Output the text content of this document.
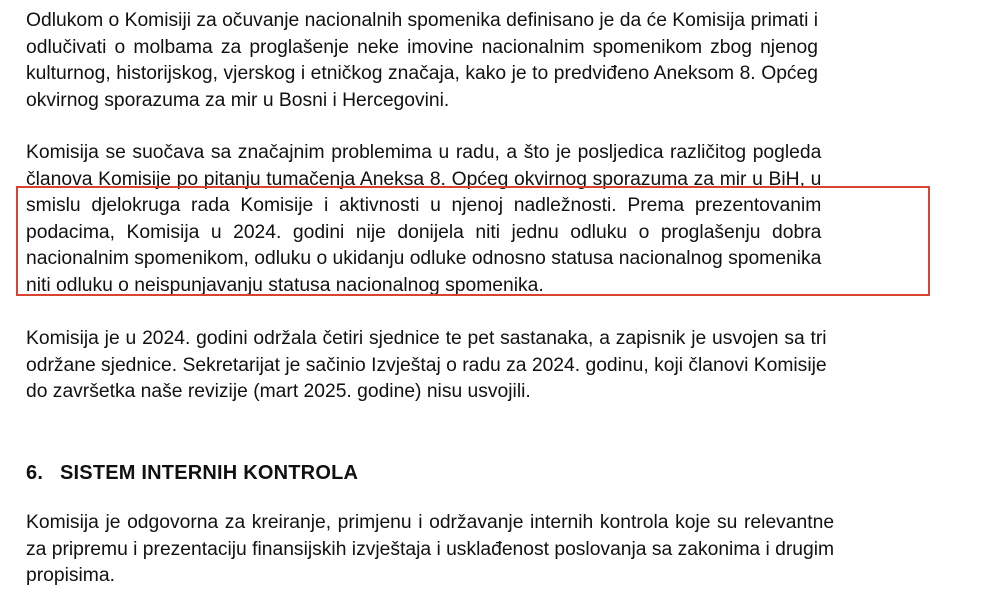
Odlukom o Komisiji za očuvanje nacionalnih spomenika definisano je da će Komisija primati i
odlučivati o molbama za proglašenje neke imovine nacionalnim spomenikom zbog njenog
kulturnog, historijskog, vjerskog i etničkog značaja, kako je to predviđeno Aneksom 8. Općeg
okvirnog sporazuma za mir u Bosni i Hercegovini.

Komisija se suočava sa značajnim problemima u radu, a što je posljedica različitog pogleda
članova Komisije po pitanju tumačenja Aneksa 8. Općeg okvirnog sporazuma za mir u BiH, u
smislu djelokruga rada Komisije i aktivnosti u njenoj nadležnosti. Prema prezentovanim
podacima, Komisija u 2024. godini nije donijela niti jednu odluku o proglašenju dobra
nacionalnim spomenikom, odluku o ukidanju odluke odnosno statusa nacionalnog spomenika
niti odluku o neispunjavanju statusa nacionalnog spomenika.

Komisija je u 2024. godini održala četiri sjednice te pet sastanaka, a zapisnik je usvojen sa tri
održane sjednice. Sekretarijat je sačinio Izvještaj o radu za 2024. godinu, koji članovi Komisije
do završetka naše revizije (mart 2025. godine) nisu usvojili.

6. SISTEM INTERNIH KONTROLA

Komisija je odgovorna za kreiranje, primjenu i održavanje internih kontrola koje su relevantne
za pripremu i prezentaciju finansijskih izvještaja i usklađenost poslovanja sa zakonima i drugim
propisima.
